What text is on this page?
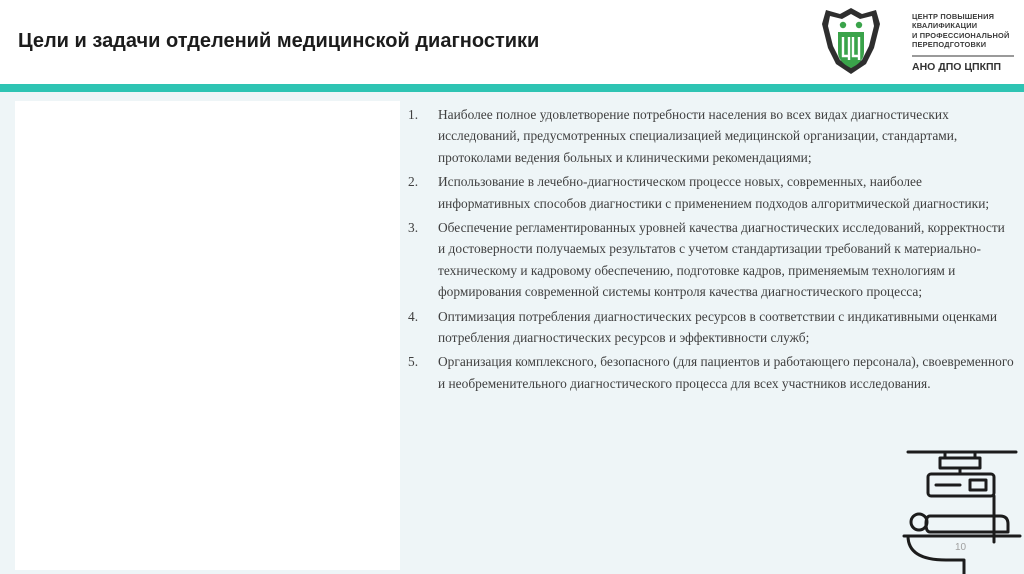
Цели и задачи отделений медицинской диагностики
ЦЕНТР ПОВЫШЕНИЯ
КВАЛИФИКАЦИИ
И ПРОФЕССИОНАЛЬНОЙ
ПЕРЕПОДГОТОВКИ
АНО ДПО ЦПКПП
1.	Наиболее полное удовлетворение потребности населения во всех видах диагностических исследований, предусмотренных специализацией медицинской организации, стандартами, протоколами ведения больных и клиническими рекомендациями;
2.	Использование в лечебно-диагностическом процессе новых, современных, наиболее информативных способов диагностики с применением подходов алгоритмической диагностики;
3.	Обеспечение регламентированных уровней качества диагностических исследований, корректности и достоверности получаемых результатов с учетом стандартизации требований к материально-техническому и кадровому обеспечению, подготовке кадров, применяемым технологиям и формирования современной системы контроля качества диагностического процесса;
4.	Оптимизация потребления диагностических ресурсов в соответствии с индикативными оценками потребления диагностических ресурсов и эффективности служб;
5.	Организация комплексного, безопасного (для пациентов и работающего персонала), своевременного и необременительного диагностического процесса для всех участников исследования.
10
